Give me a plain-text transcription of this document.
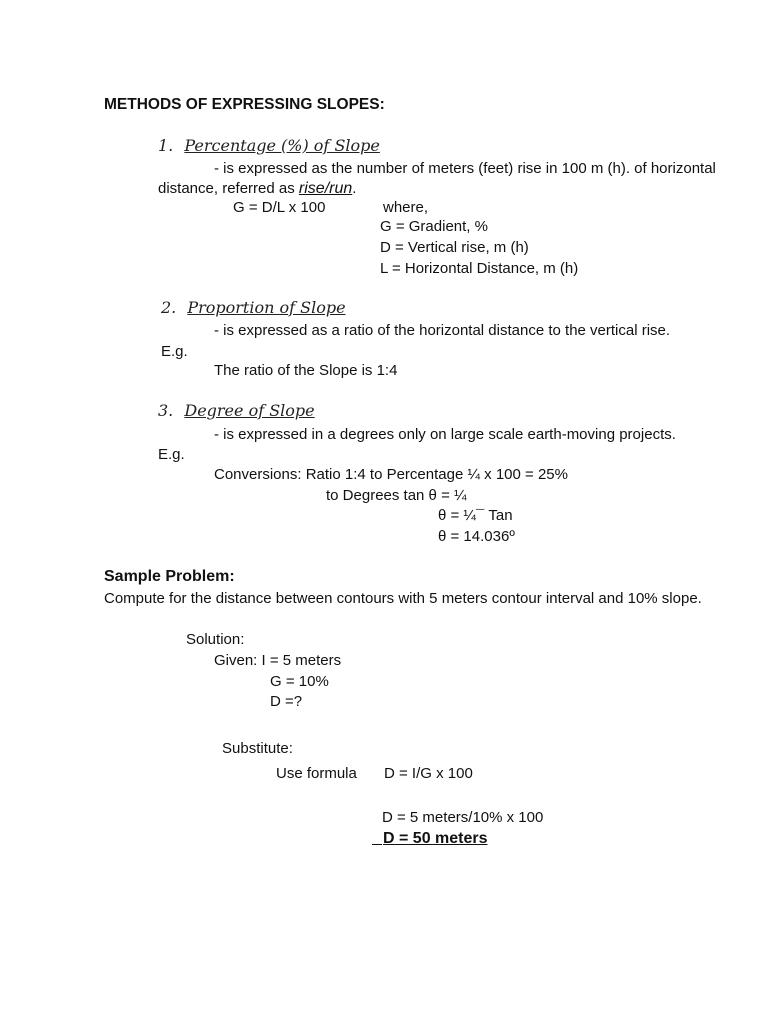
METHODS OF EXPRESSING SLOPES:
1. Percentage (%) of Slope
- is expressed as the number of meters (feet) rise in 100 m (h). of horizontal
distance, referred as rise/run.
G = D/L x 100	where,
G = Gradient, %
D = Vertical rise, m (h)
L = Horizontal Distance, m (h)
2. Proportion of Slope
- is expressed as a ratio of the horizontal distance to the vertical rise.
E.g.
The ratio of the Slope is 1:4
3. Degree of Slope
- is expressed in a degrees only on large scale earth-moving projects.
E.g.
Conversions: Ratio 1:4 to Percentage ¼ x 100 = 25%
to Degrees tan θ = ¼
θ = ¼¯ Tan
θ = 14.036º
Sample Problem:
Compute for the distance between contours with 5 meters contour interval and 10% slope.
Solution:
Given: I = 5 meters
G = 10%
D =?
Substitute:
Use formula D = I/G x 100
D = 5 meters/10% x 100
D = 50 meters
